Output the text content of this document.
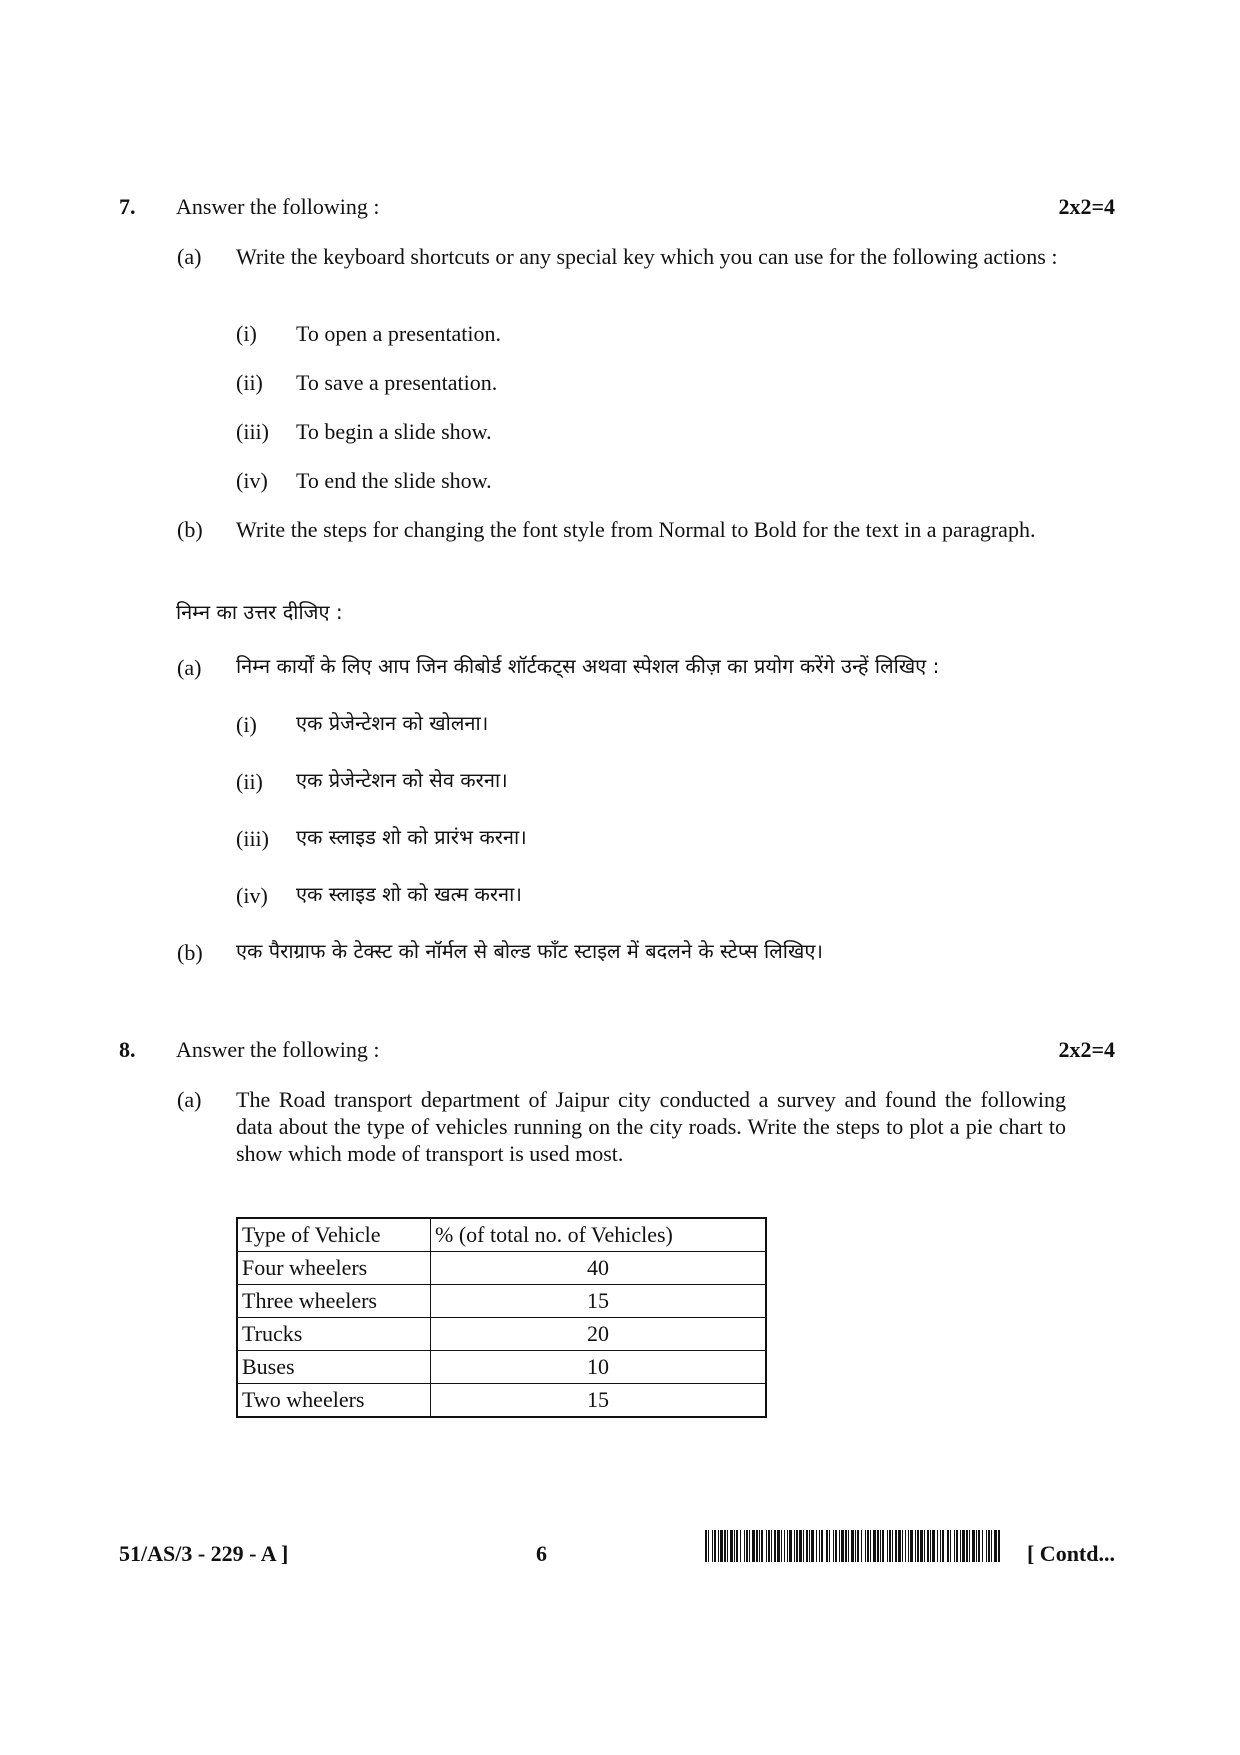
7. Answer the following :	2x2=4
(a) Write the keyboard shortcuts or any special key which you can use for the following actions :
(i) To open a presentation.
(ii) To save a presentation.
(iii) To begin a slide show.
(iv) To end the slide show.
(b) Write the steps for changing the font style from Normal to Bold for the text in a paragraph.
निम्न का उत्तर दीजिए :
(a) निम्न कार्यों के लिए आप जिन कीबोर्ड शॉर्टकट्स अथवा स्पेशल कीज़ का प्रयोग करेंगे उन्हें लिखिए :
(i) एक प्रेजेन्टेशन को खोलना।
(ii) एक प्रेजेन्टेशन को सेव करना।
(iii) एक स्लाइड शो को प्रारंभ करना।
(iv) एक स्लाइड शो को खत्म करना।
(b) एक पैराग्राफ के टेक्स्ट को नॉर्मल से बोल्ड फॉंट स्टाइल में बदलने के स्टेप्स लिखिए।
8. Answer the following :	2x2=4
(a) The Road transport department of Jaipur city conducted a survey and found the following data about the type of vehicles running on the city roads. Write the steps to plot a pie chart to show which mode of transport is used most.
Type of Vehicle	% (of total no. of Vehicles)
Four wheelers	40
Three wheelers	15
Trucks	20
Buses	10
Two wheelers	15
51/AS/3 - 229 - A ]	6	[ Contd...
